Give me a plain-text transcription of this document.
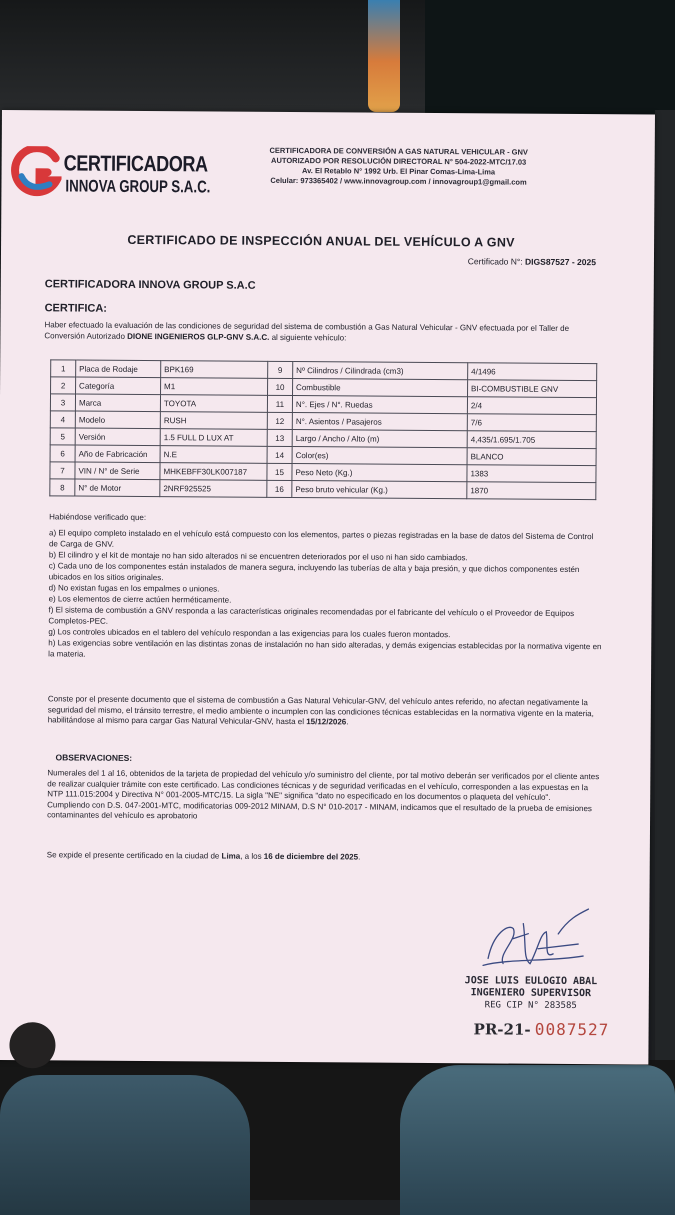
CERTIFICADORA
INNOVA GROUP S.A.C.
CERTIFICADORA DE CONVERSIÓN A GAS NATURAL VEHICULAR - GNV
AUTORIZADO POR RESOLUCIÓN DIRECTORAL N° 504-2022-MTC/17.03
Av. El Retablo N° 1992 Urb. El Pinar Comas-Lima-Lima
Celular: 973365402 / www.innovagroup.com / innovagroup1@gmail.com
CERTIFICADO DE INSPECCIÓN ANUAL DEL VEHÍCULO A GNV
Certificado N°: DIGS87527 - 2025
CERTIFICADORA INNOVA GROUP S.A.C
CERTIFICA:
Haber efectuado la evaluación de las condiciones de seguridad del sistema de combustión a Gas Natural Vehicular - GNV efectuada por el Taller de Conversión Autorizado DIONE INGENIEROS GLP-GNV S.A.C. al siguiente vehículo:
1	Placa de Rodaje	BPK169	9	Nº Cilindros / Cilindrada (cm3)	4/1496
2	Categoría	M1	10	Combustible	BI-COMBUSTIBLE GNV
3	Marca	TOYOTA	11	N°. Ejes / N°. Ruedas	2/4
4	Modelo	RUSH	12	N°. Asientos / Pasajeros	7/6
5	Versión	1.5 FULL D LUX AT	13	Largo / Ancho / Alto (m)	4,435/1.695/1.705
6	Año de Fabricación	N.E	14	Color(es)	BLANCO
7	VIN / N° de Serie	MHKEBFF30LK007187	15	Peso Neto (Kg.)	1383
8	N° de Motor	2NRF925525	16	Peso bruto vehicular (Kg.)	1870
Habiéndose verificado que:
a) El equipo completo instalado en el vehículo está compuesto con los elementos, partes o piezas registradas en la base de datos del Sistema de Control de Carga de GNV.
b) El cilindro y el kit de montaje no han sido alterados ni se encuentren deteriorados por el uso ni han sido cambiados.
c) Cada uno de los componentes están instalados de manera segura, incluyendo las tuberías de alta y baja presión, y que dichos componentes estén ubicados en los sitios originales.
d) No existan fugas en los empalmes o uniones.
e) Los elementos de cierre actúen herméticamente.
f) El sistema de combustión a GNV responda a las características originales recomendadas por el fabricante del vehículo o el Proveedor de Equipos Completos-PEC.
g) Los controles ubicados en el tablero del vehículo respondan a las exigencias para los cuales fueron montados.
h) Las exigencias sobre ventilación en las distintas zonas de instalación no han sido alteradas, y demás exigencias establecidas por la normativa vigente en la materia.
Conste por el presente documento que el sistema de combustión a Gas Natural Vehicular-GNV, del vehículo antes referido, no afectan negativamente la seguridad del mismo, el tránsito terrestre, el medio ambiente o incumplen con las condiciones técnicas establecidas en la normativa vigente en la materia, habilitándose al mismo para cargar Gas Natural Vehicular-GNV, hasta el 15/12/2026.
OBSERVACIONES:
Numerales del 1 al 16, obtenidos de la tarjeta de propiedad del vehículo y/o suministro del cliente, por tal motivo deberán ser verificados por el cliente antes de realizar cualquier trámite con este certificado. Las condiciones técnicas y de seguridad verificadas en el vehículo, corresponden a las expuestas en la NTP 111.015:2004 y Directiva N° 001-2005-MTC/15. La sigla "NE" significa "dato no especificado en los documentos o plaqueta del vehículo".
Cumpliendo con D.S. 047-2001-MTC, modificatorias 009-2012 MINAM, D.S N° 010-2017 - MINAM, indicamos que el resultado de la prueba de emisiones contaminantes del vehículo es aprobatorio
Se expide el presente certificado en la ciudad de Lima, a los 16 de diciembre del 2025.
JOSE LUIS EULOGIO ABAL
INGENIERO SUPERVISOR
REG CIP N° 283585
PR-21- 0087527
